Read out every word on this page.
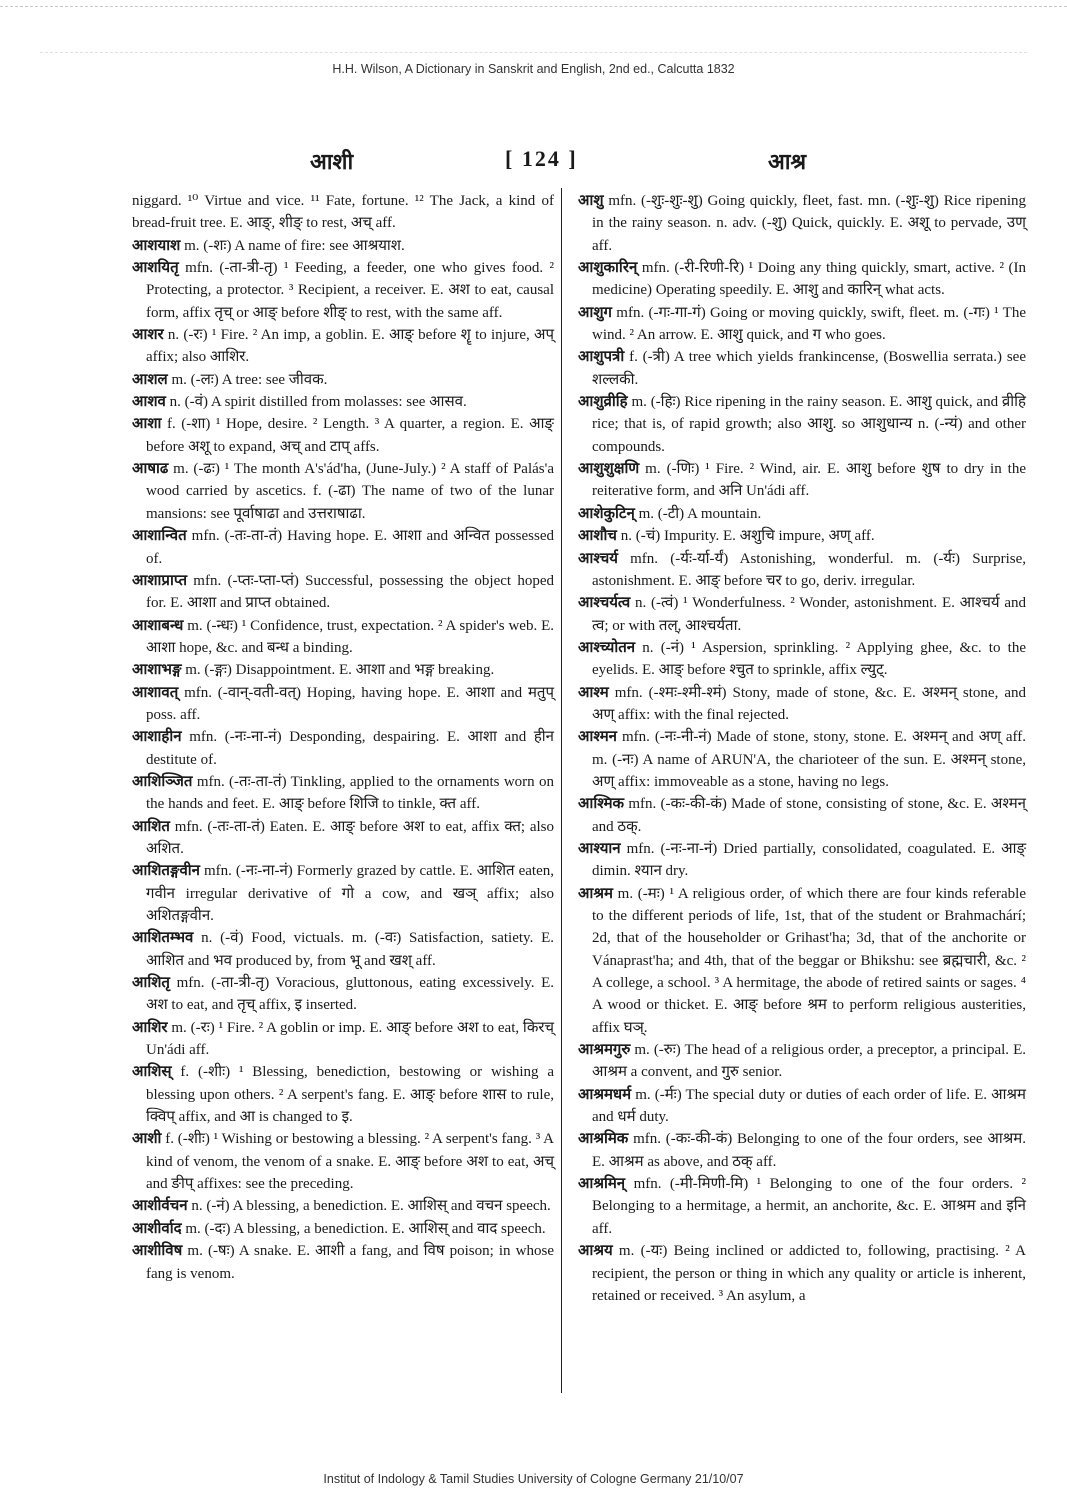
H.H. Wilson, A Dictionary in Sanskrit and English, 2nd ed., Calcutta 1832
आशी	[ 124 ]	आश्र

niggard. ¹⁰ Virtue and vice. ¹¹ Fate, fortune. ¹² The Jack, a kind of bread-fruit tree. E. आङ्, शीङ् to rest, अच् aff.

आशयाश m. (-शः) A name of fire: see आश्रयाश.

आशयितृ mfn. (-ता-त्री-तृ) ¹ Feeding, a feeder, one who gives food. ² Protecting, a protector. ³ Recipient, a receiver. E. अश to eat, causal form, affix तृच् or आङ् before शीङ् to rest, with the same aff.

आशर n. (-रः) ¹ Fire. ² An imp, a goblin. E. आङ् before शॄ to injure, अप् affix; also आशिर.

आशल m. (-लः) A tree: see जीवक.

आशव n. (-वं) A spirit distilled from molasses: see आसव.

आशा f. (-शा) ¹ Hope, desire. ² Length. ³ A quarter, a region. E. आङ् before अशू to expand, अच् and टाप् affs.

आषाढ m. (-ढः) ¹ The month A's'ád'ha, (June-July.) ² A staff of Palás'a wood carried by ascetics. f. (-ढा) The name of two of the lunar mansions: see पूर्वाषाढा and उत्तराषाढा.

आशान्वित mfn. (-तः-ता-तं) Having hope. E. आशा and अन्वित possessed of.

आशाप्राप्त mfn. (-प्तः-प्ता-प्तं) Successful, possessing the object hoped for. E. आशा and प्राप्त obtained.

आशाबन्ध m. (-न्धः) ¹ Confidence, trust, expectation. ² A spider's web. E. आशा hope, &c. and बन्ध a binding.

आशाभङ्ग m. (-ङ्गः) Disappointment. E. आशा and भङ्ग breaking.

आशावत् mfn. (-वान्-वती-वत्) Hoping, having hope. E. आशा and मतुप् poss. aff.

आशाहीन mfn. (-नः-ना-नं) Desponding, despairing. E. आशा and हीन destitute of.

आशिञ्जित mfn. (-तः-ता-तं) Tinkling, applied to the ornaments worn on the hands and feet. E. आङ् before शिजि to tinkle, क्त aff.

आशित mfn. (-तः-ता-तं) Eaten. E. आङ् before अश to eat, affix क्त; also अशित.

आशितङ्गवीन mfn. (-नः-ना-नं) Formerly grazed by cattle. E. आशित eaten, गवीन irregular derivative of गो a cow, and खञ् affix; also अशितङ्गवीन.

आशितम्भव n. (-वं) Food, victuals. m. (-वः) Satisfaction, satiety. E. आशित and भव produced by, from भू and खश् aff.

आशितृ mfn. (-ता-त्री-तृ) Voracious, gluttonous, eating excessively. E. अश to eat, and तृच् affix, इ inserted.

आशिर m. (-रः) ¹ Fire. ² A goblin or imp. E. आङ् before अश to eat, किरच् Un'ádi aff.

आशिस् f. (-शीः) ¹ Blessing, benediction, bestowing or wishing a blessing upon others. ² A serpent's fang. E. आङ् before शास to rule, क्विप् affix, and आ is changed to इ.

आशी f. (-शीः) ¹ Wishing or bestowing a blessing. ² A serpent's fang. ³ A kind of venom, the venom of a snake. E. आङ् before अश to eat, अच् and ङीप् affixes: see the preceding.

आशीर्वचन n. (-नं) A blessing, a benediction. E. आशिस् and वचन speech.

आशीर्वाद m. (-दः) A blessing, a benediction. E. आशिस् and वाद speech.

आशीविष m. (-षः) A snake. E. आशी a fang, and विष poison; in whose fang is venom.

आशु mfn. (-शुः-शुः-शु) Going quickly, fleet, fast. mn. (-शुः-शु) Rice ripening in the rainy season. n. adv. (-शु) Quick, quickly. E. अशू to pervade, उण् aff.

आशुकारिन् mfn. (-री-रिणी-रि) ¹ Doing any thing quickly, smart, active. ² (In medicine) Operating speedily. E. आशु and कारिन् what acts.

आशुग mfn. (-गः-गा-गं) Going or moving quickly, swift, fleet. m. (-गः) ¹ The wind. ² An arrow. E. आशु quick, and ग who goes.

आशुपत्री f. (-त्री) A tree which yields frankincense, (Boswellia serrata.) see शल्लकी.

आशुव्रीहि m. (-हिः) Rice ripening in the rainy season. E. आशु quick, and व्रीहि rice; that is, of rapid growth; also आशु. so आशुधान्य n. (-न्यं) and other compounds.

आशुशुक्षणि m. (-णिः) ¹ Fire. ² Wind, air. E. आशु before शुष to dry in the reiterative form, and अनि Un'ádi aff.

आशेकुटिन् m. (-टी) A mountain.

आशौच n. (-चं) Impurity. E. अशुचि impure, अण् aff.

आश्चर्य mfn. (-र्यः-र्या-र्यं) Astonishing, wonderful. m. (-र्यः) Surprise, astonishment. E. आङ् before चर to go, deriv. irregular.

आश्चर्यत्व n. (-त्वं) ¹ Wonderfulness. ² Wonder, astonishment. E. आश्चर्य and त्व; or with तल्, आश्चर्यता.

आश्च्योतन n. (-नं) ¹ Aspersion, sprinkling. ² Applying ghee, &c. to the eyelids. E. आङ् before श्चुत to sprinkle, affix ल्युट्.

आश्म mfn. (-श्मः-श्मी-श्मं) Stony, made of stone, &c. E. अश्मन् stone, and अण् affix: with the final rejected.

आश्मन mfn. (-नः-नी-नं) Made of stone, stony, stone. E. अश्मन् and अण् aff. m. (-नः) A name of ARUN'A, the charioteer of the sun. E. अश्मन् stone, अण् affix: immoveable as a stone, having no legs.

आश्मिक mfn. (-कः-की-कं) Made of stone, consisting of stone, &c. E. अश्मन् and ठक्.

आश्यान mfn. (-नः-ना-नं) Dried partially, consolidated, coagulated. E. आङ् dimin. श्यान dry.

आश्रम m. (-मः) ¹ A religious order, of which there are four kinds referable to the different periods of life, 1st, that of the student or Brahmachárí; 2d, that of the householder or Grihast'ha; 3d, that of the anchorite or Vánaprast'ha; and 4th, that of the beggar or Bhikshu: see ब्रह्मचारी, &c. ² A college, a school. ³ A hermitage, the abode of retired saints or sages. ⁴ A wood or thicket. E. आङ् before श्रम to perform religious austerities, affix घञ्.

आश्रमगुरु m. (-रुः) The head of a religious order, a preceptor, a principal. E. आश्रम a convent, and गुरु senior.

आश्रमधर्म m. (-र्मः) The special duty or duties of each order of life. E. आश्रम and धर्म duty.

आश्रमिक mfn. (-कः-की-कं) Belonging to one of the four orders, see आश्रम. E. आश्रम as above, and ठक् aff.

आश्रमिन् mfn. (-मी-मिणी-मि) ¹ Belonging to one of the four orders. ² Belonging to a hermitage, a hermit, an anchorite, &c. E. आश्रम and इनि aff.

आश्रय m. (-यः) Being inclined or addicted to, following, practising. ² A recipient, the person or thing in which any quality or article is inherent, retained or received. ³ An asylum, a

Institut of Indology & Tamil Studies University of Cologne Germany 21/10/07
